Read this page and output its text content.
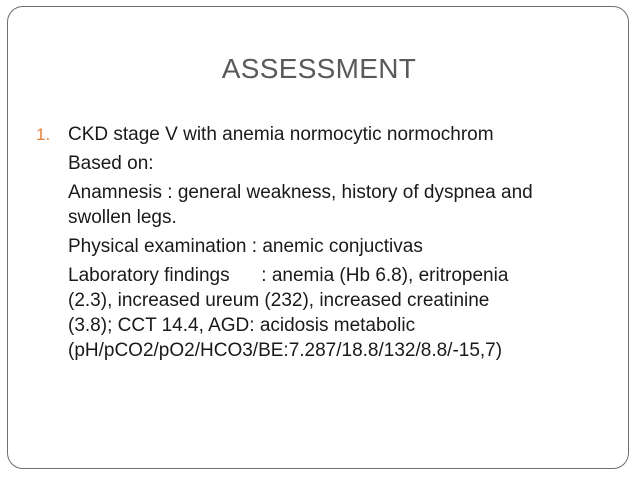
ASSESSMENT
1. CKD stage V with anemia normocytic normochrom
Based on:
Anamnesis : general weakness, history of dyspnea and
swollen legs.
Physical examination : anemic conjuctivas
Laboratory findings      : anemia (Hb 6.8), eritropenia
(2.3), increased ureum (232), increased creatinine
(3.8); CCT 14.4, AGD: acidosis metabolic
(pH/pCO2/pO2/HCO3/BE:7.287/18.8/132/8.8/-15,7)
